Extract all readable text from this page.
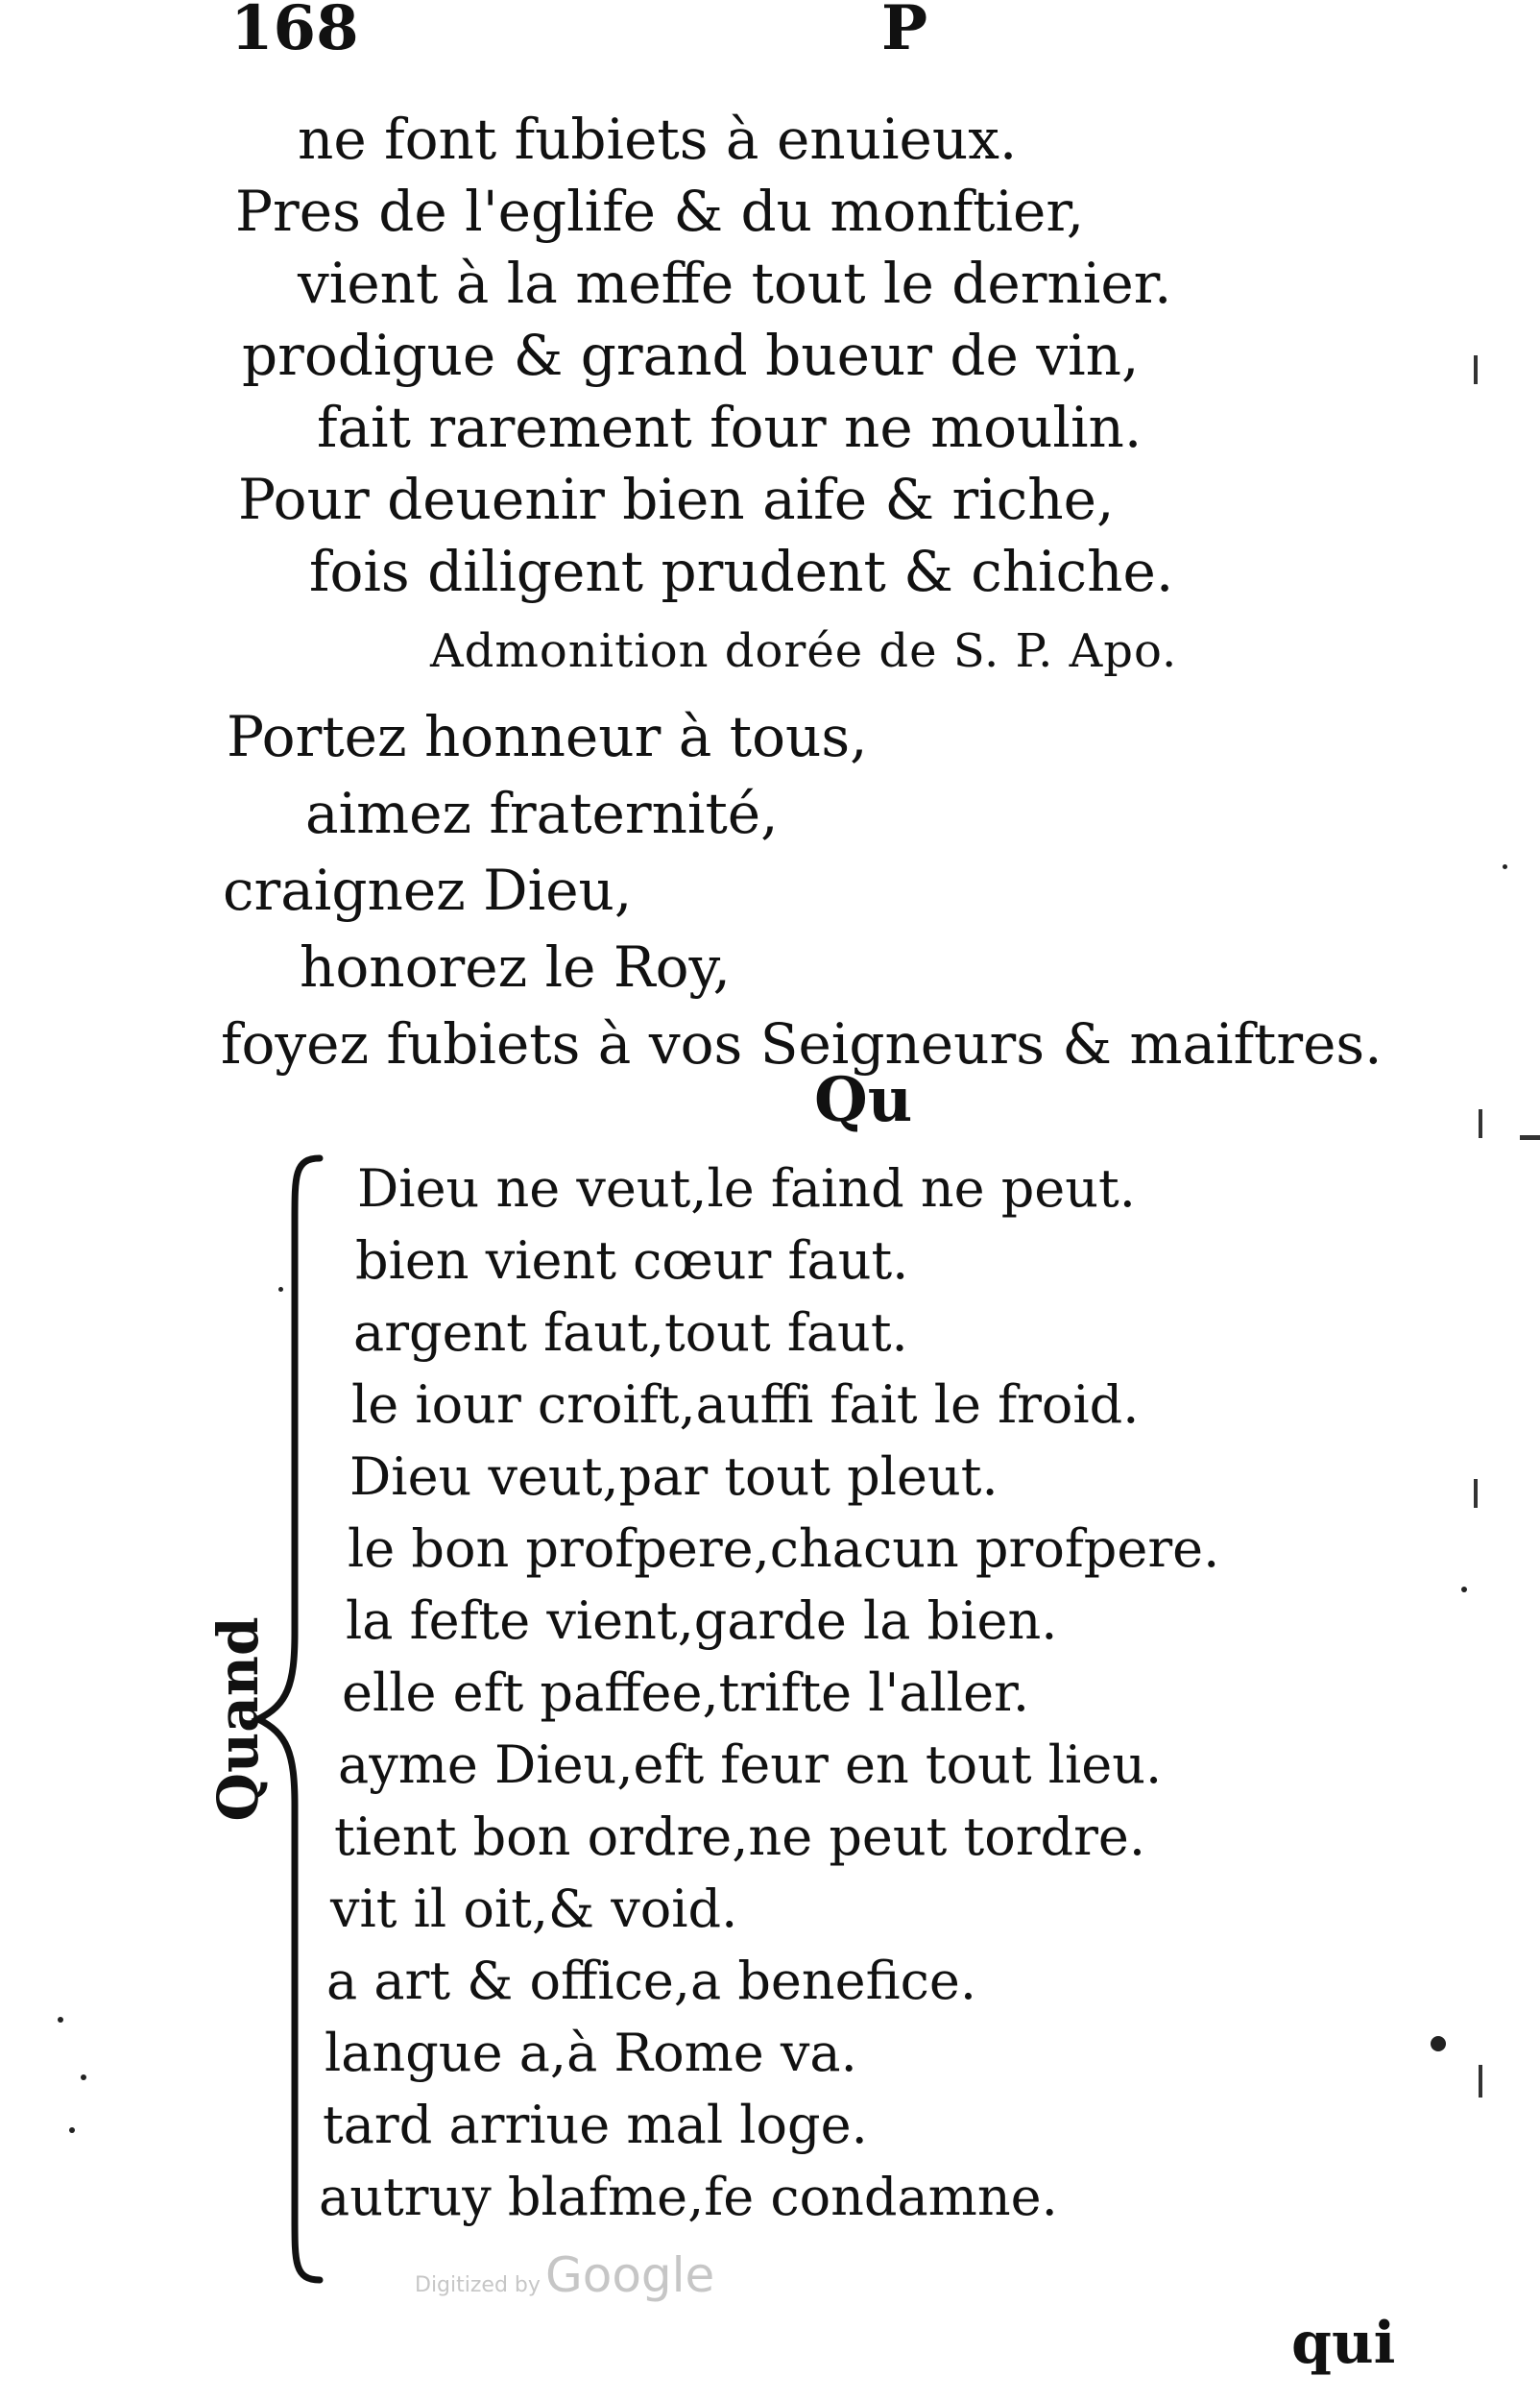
168	P
ne font fubiets à enuieux.
Pres de l'eglife & du monftier,
vient à la meffe tout le dernier.
prodigue & grand bueur de vin,
fait rarement four ne moulin.
Pour deuenir bien aife & riche,
fois diligent prudent & chiche.
Admonition dorée de S. P. Apo.
Portez honneur à tous,
aimez fraternité,
craignez Dieu,
honorez le Roy,
foyez fubiets à vos Seigneurs & maiftres.
Qu
Quand
Dieu ne veut,le faind ne peut.
bien vient cœur faut.
argent faut,tout faut.
le iour croift,auffi fait le froid.
Dieu veut,par tout pleut.
le bon profpere,chacun profpere.
la fefte vient,garde la bien.
elle eft paffee,trifte l'aller.
ayme Dieu,eft feur en tout lieu.
tient bon ordre,ne peut tordre.
vit il oit,& void.
a art & office,a benefice.
langue a,à Rome va.
tard arriue mal loge.
autruy blafme,fe condamne.
Digitized by Google
qui
